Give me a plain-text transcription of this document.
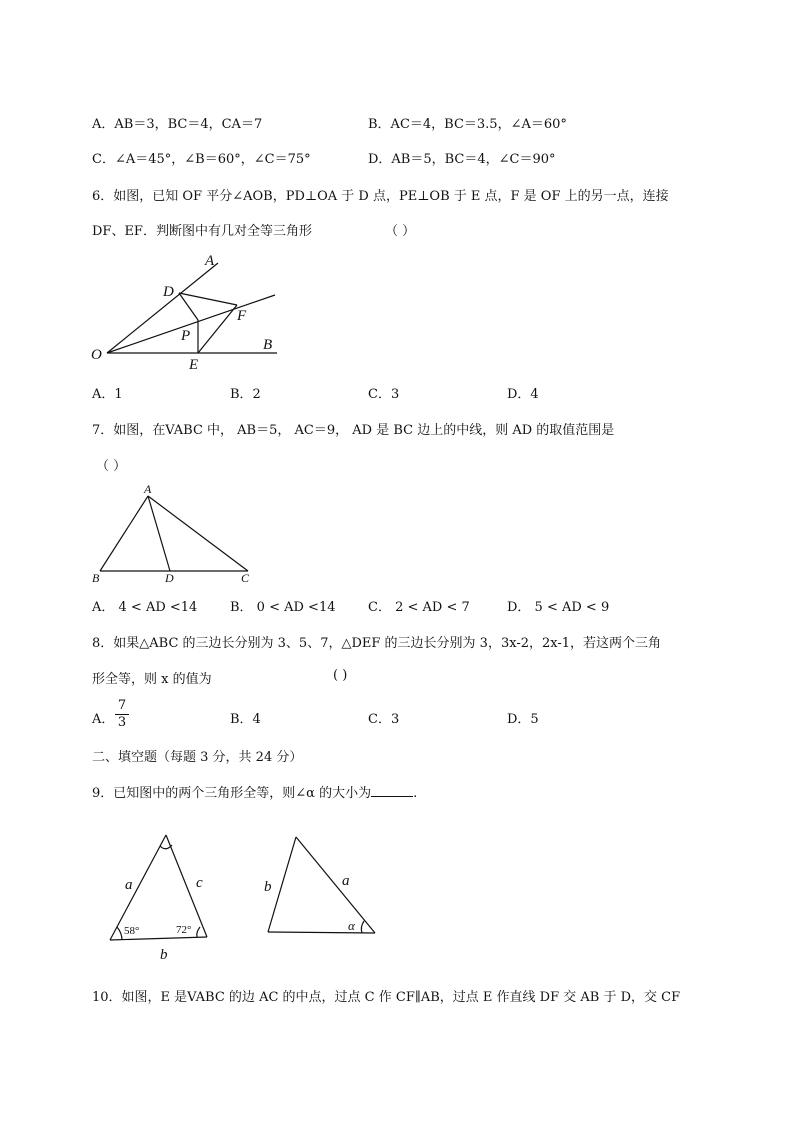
A．AB＝3，BC＝4，CA＝7	B．AC＝4，BC＝3.5，∠A＝60°
C．∠A＝45°，∠B＝60°，∠C＝75°	D．AB＝5，BC＝4，∠C＝90°
6．如图，已知 OF 平分∠AOB，PD⊥OA 于 D 点，PE⊥OB 于 E 点，F 是 OF 上的另一点，连接
DF、EF．判断图中有几对全等三角形	（ ）
A
D
F
P
O
E
B
A．1	B．2	C．3	D．4
7．如图，在VABC 中， AB＝5， AC＝9， AD 是 BC 边上的中线，则 AD 的取值范围是
（ ）
A
B	D	C
A． 4 < AD <14	B． 0 < AD <14	C． 2 < AD < 7	D． 5 < AD < 9
8．如果△ABC 的三边长分别为 3、5、7，△DEF 的三边长分别为 3，3x-2，2x-1，若这两个三角
形全等，则 x 的值为	( )
A． $\frac{7}{3}$	B．4	C．3	D．5
二、填空题（每题 3 分，共 24 分）
9．已知图中的两个三角形全等，则∠α 的大小为	.
a	c
b
58°	72°
b	a
α
10．如图，E 是VABC 的边 AC 的中点，过点 C 作 CF∥AB，过点 E 作直线 DF 交 AB 于 D，交 CF
